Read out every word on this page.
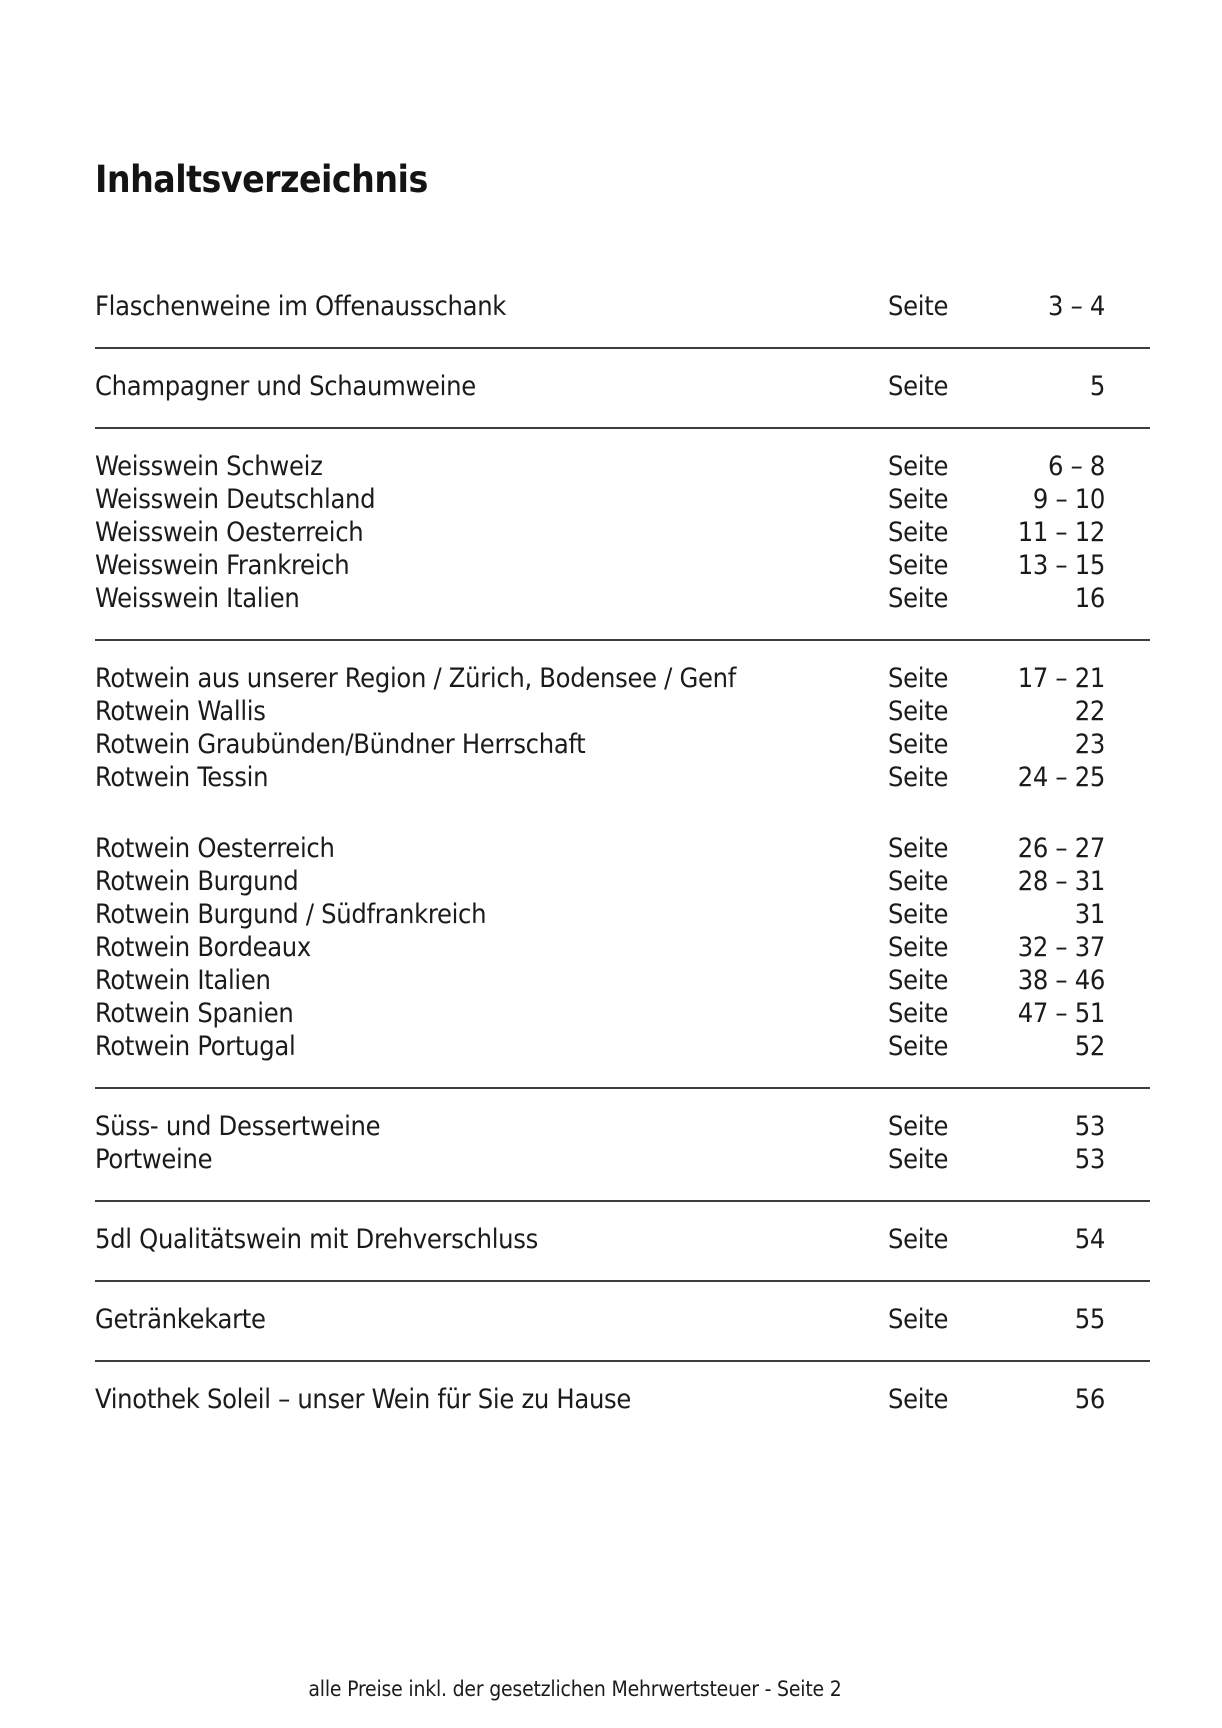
Inhaltsverzeichnis
Flaschenweine im Offenausschank	Seite	3 – 4
Champagner und Schaumweine	Seite	5
Weisswein Schweiz	Seite	6 – 8
Weisswein Deutschland	Seite	9 – 10
Weisswein Oesterreich	Seite	11 – 12
Weisswein Frankreich	Seite	13 – 15
Weisswein Italien	Seite	16
Rotwein aus unserer Region / Zürich, Bodensee / Genf	Seite	17 – 21
Rotwein Wallis	Seite	22
Rotwein Graubünden/Bündner Herrschaft	Seite	23
Rotwein Tessin	Seite	24 – 25
Rotwein Oesterreich	Seite	26 – 27
Rotwein Burgund	Seite	28 – 31
Rotwein Burgund / Südfrankreich	Seite	31
Rotwein Bordeaux	Seite	32 – 37
Rotwein Italien	Seite	38 – 46
Rotwein Spanien	Seite	47 – 51
Rotwein Portugal	Seite	52
Süss- und Dessertweine	Seite	53
Portweine	Seite	53
5dl Qualitätswein mit Drehverschluss	Seite	54
Getränkekarte	Seite	55
Vinothek Soleil – unser Wein für Sie zu Hause	Seite	56
alle Preise inkl. der gesetzlichen Mehrwertsteuer - Seite 2
